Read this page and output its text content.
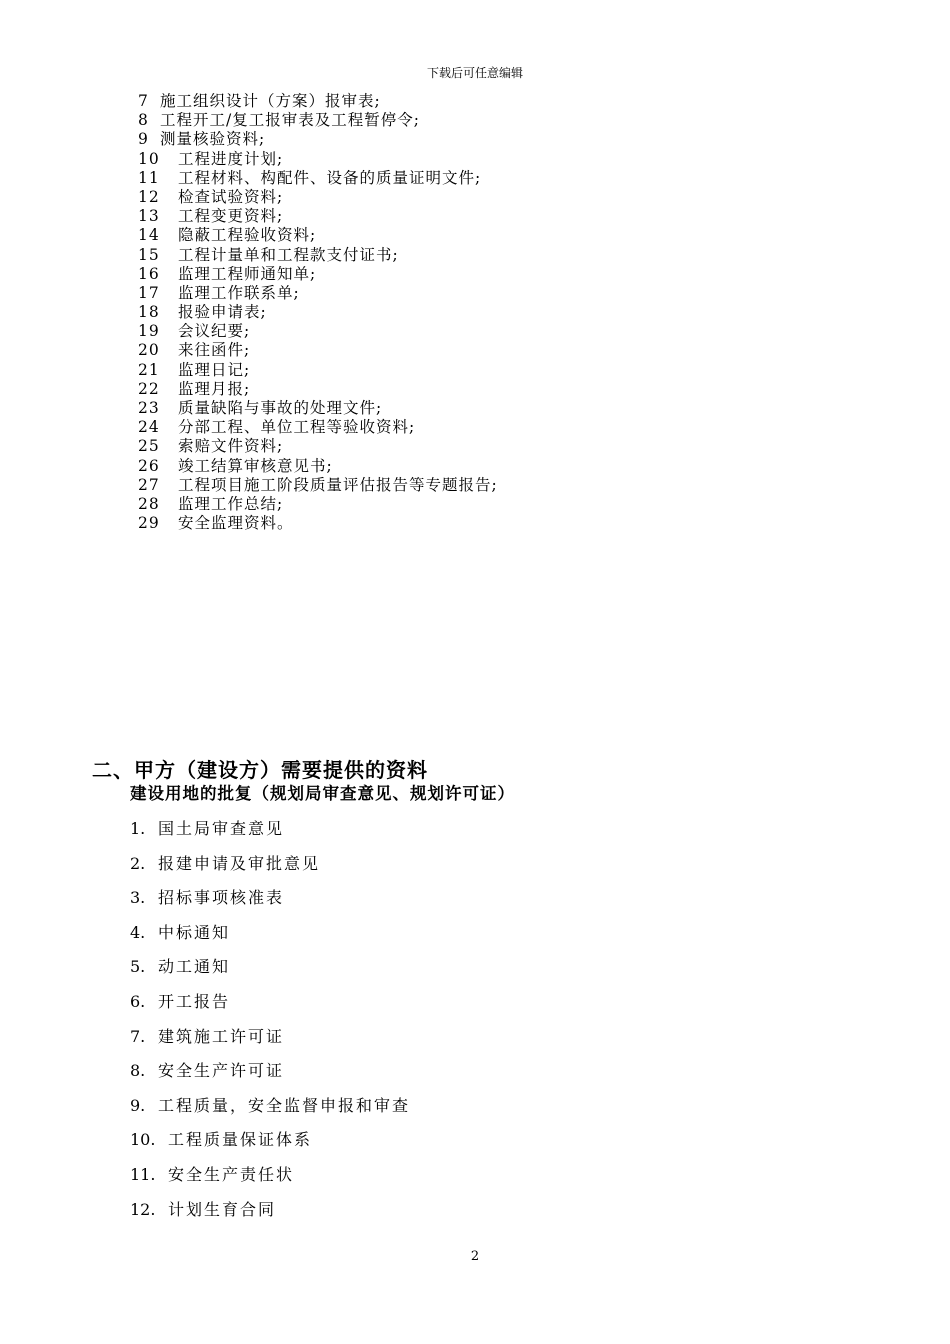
下载后可任意编辑
7 施工组织设计（方案）报审表;
8 工程开工/复工报审表及工程暂停令;
9 测量核验资料;
10 工程进度计划;
11 工程材料、构配件、设备的质量证明文件;
12 检查试验资料;
13 工程变更资料;
14 隐蔽工程验收资料;
15 工程计量单和工程款支付证书;
16 监理工程师通知单;
17 监理工作联系单;
18 报验申请表;
19 会议纪要;
20 来往函件;
21 监理日记;
22 监理月报;
23 质量缺陷与事故的处理文件;
24 分部工程、单位工程等验收资料;
25 索赔文件资料;
26 竣工结算审核意见书;
27 工程项目施工阶段质量评估报告等专题报告;
28 监理工作总结;
29 安全监理资料。
二、甲方（建设方）需要提供的资料
建设用地的批复（规划局审查意见、规划许可证）
1. 国土局审查意见
2. 报建申请及审批意见
3. 招标事项核准表
4. 中标通知
5. 动工通知
6. 开工报告
7. 建筑施工许可证
8. 安全生产许可证
9. 工程质量，安全监督申报和审查
10. 工程质量保证体系
11. 安全生产责任状
12. 计划生育合同
2
